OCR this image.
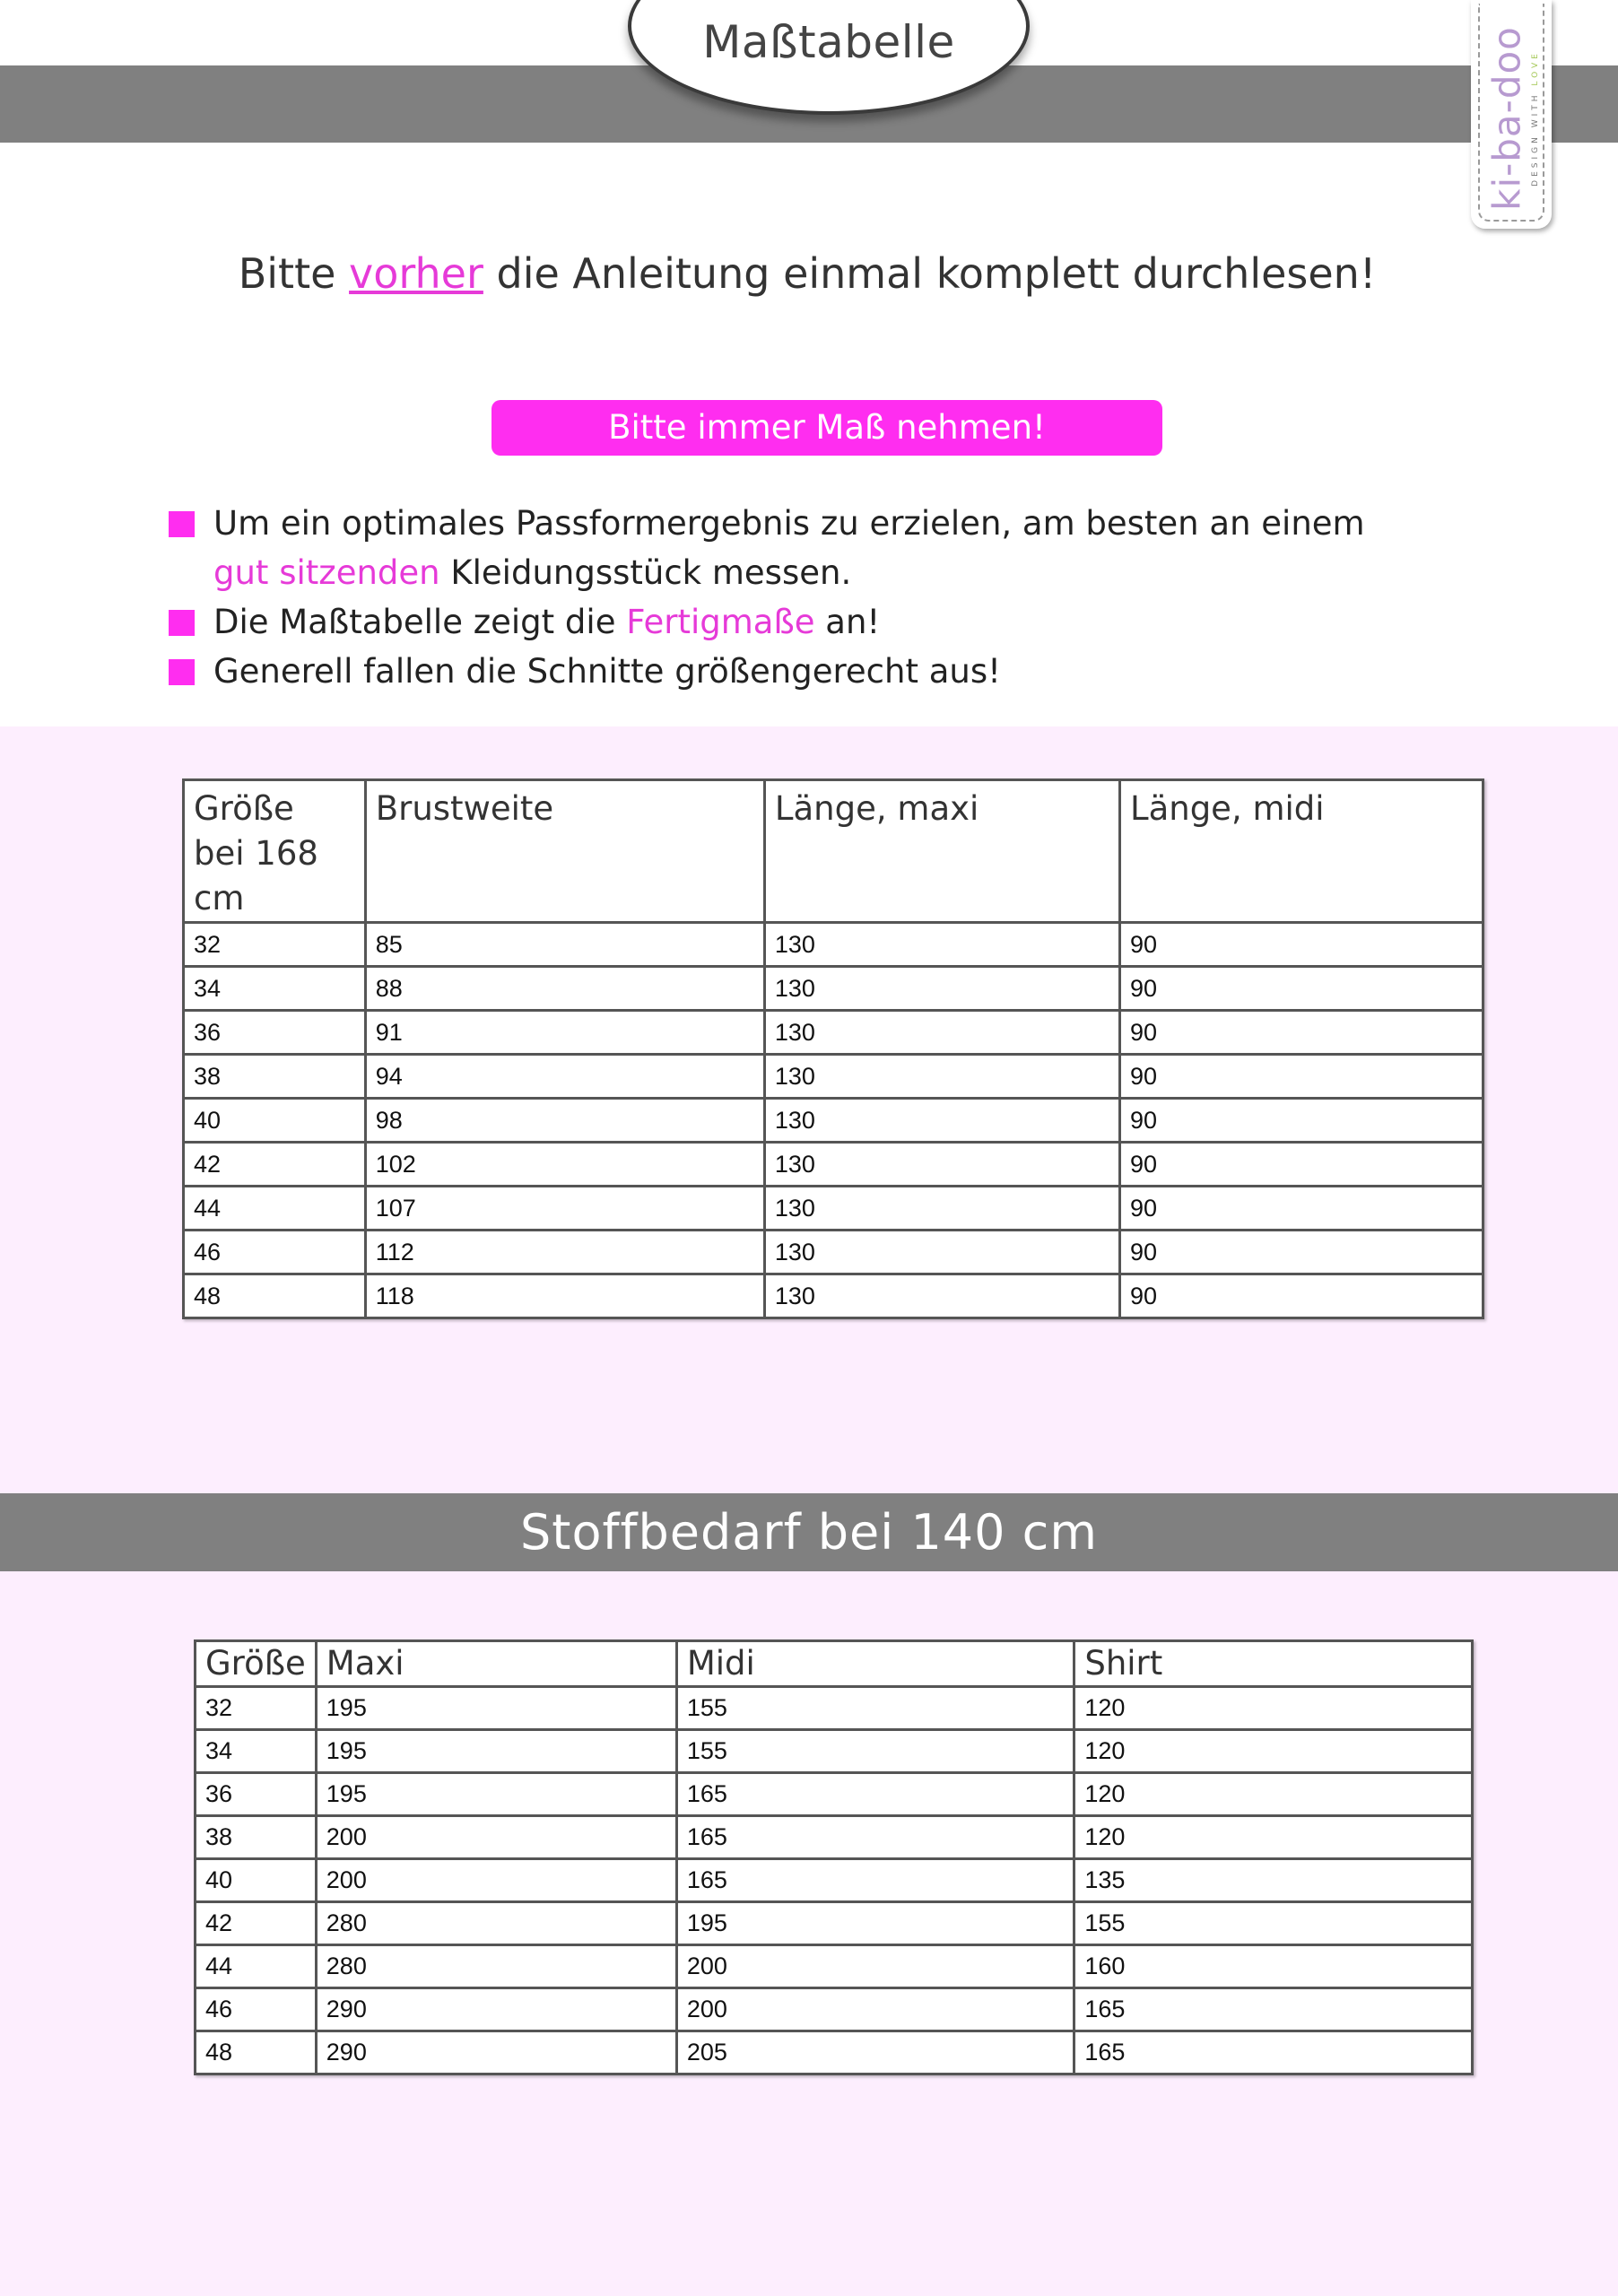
Maßtabelle	ki-ba-doo DESIGN WITH LOVE
Bitte vorher die Anleitung einmal komplett durchlesen!
Bitte immer Maß nehmen!
Um ein optimales Passformergebnis zu erzielen, am besten an einem
gut sitzenden Kleidungsstück messen.
Die Maßtabelle zeigt die Fertigmaße an!
Generell fallen die Schnitte größengerecht aus!
Stoffbedarf bei 140 cm
Größe
bei 168 cm	Brustweite	Länge, maxi	Länge, midi
32	85	130	90
34	88	130	90
36	91	130	90
38	94	130	90
40	98	130	90
42	102	130	90
44	107	130	90
46	112	130	90
48	118	130	90
Größe	Maxi	Midi	Shirt
32	195	155	120
34	195	155	120
36	195	165	120
38	200	165	120
40	200	165	135
42	280	195	155
44	280	200	160
46	290	200	165
48	290	205	165
